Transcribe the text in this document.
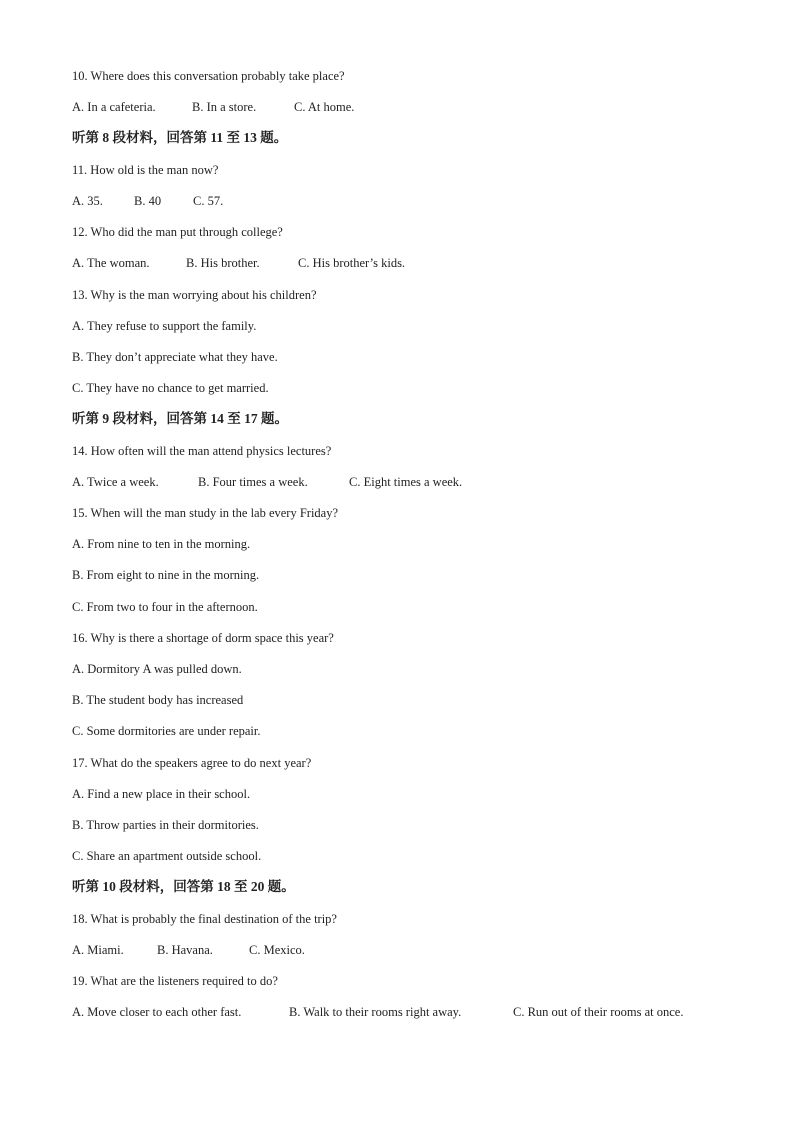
10. Where does this conversation probably take place?
A. In a cafeteria.	B. In a store.	C. At home.
听第 8 段材料，回答第 11 至 13 题。
11. How old is the man now?
A. 35. B. 40	C. 57.
12. Who did the man put through college?
A. The woman.	B. His brother.	C. His brother’s kids.
13. Why is the man worrying about his children?
A. They refuse to support the family.
B. They don’t appreciate what they have.
C. They have no chance to get married.
听第 9 段材料，回答第 14 至 17 题。
14. How often will the man attend physics lectures?
A. Twice a week.	B. Four times a week.	C. Eight times a week.
15. When will the man study in the lab every Friday?
A. From nine to ten in the morning.
B. From eight to nine in the morning.
C. From two to four in the afternoon.
16. Why is there a shortage of dorm space this year?
A. Dormitory A was pulled down.
B. The student body has increased
C. Some dormitories are under repair.
17. What do the speakers agree to do next year?
A. Find a new place in their school.
B. Throw parties in their dormitories.
C. Share an apartment outside school.
听第 10 段材料，回答第 18 至 20 题。
18. What is probably the final destination of the trip?
A. Miami.	B. Havana.	C. Mexico.
19. What are the listeners required to do?
A. Move closer to each other fast.	B. Walk to their rooms right away.	C. Run out of their rooms at once.
